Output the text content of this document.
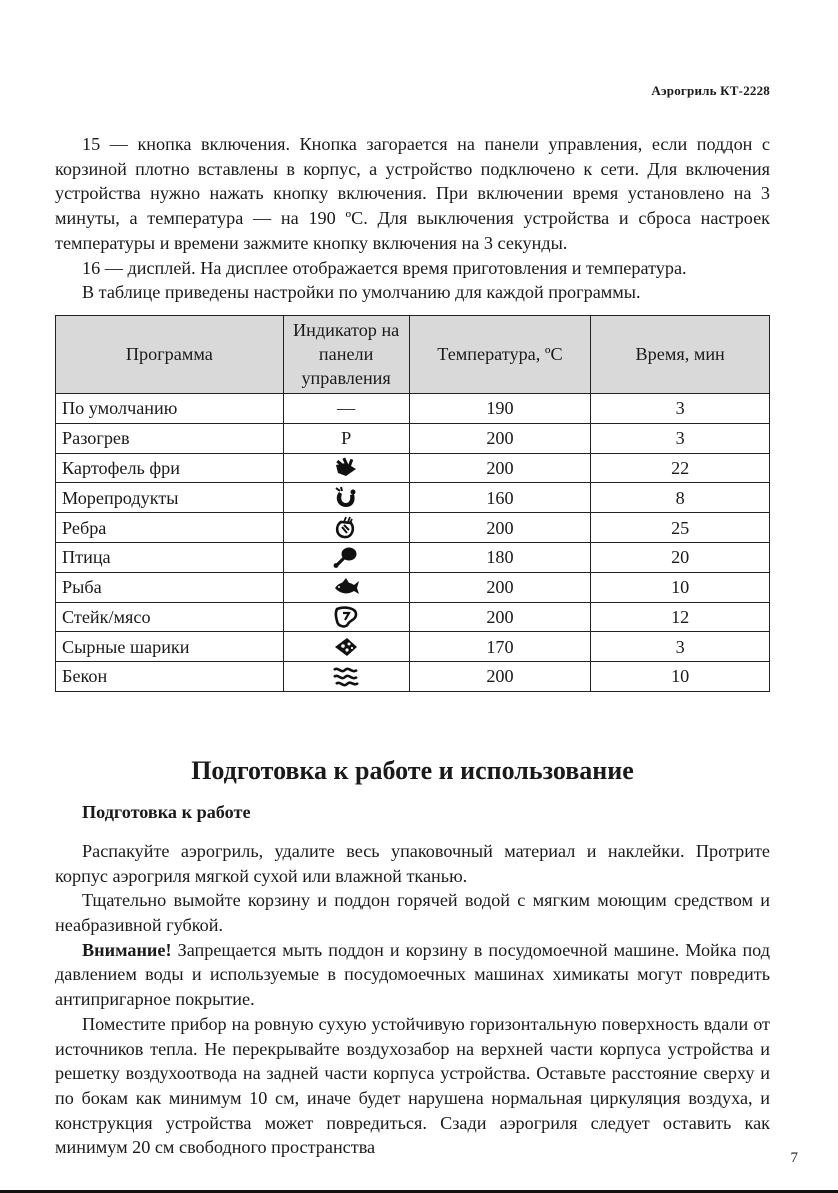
Аэрогриль КТ-2228

15 — кнопка включения. Кнопка загорается на панели управления, если поддон с корзиной плотно вставлены в корпус, а устройство подключено к сети. Для включения устройства нужно нажать кнопку включения. При включении время установлено на 3 минуты, а температура — на 190 ºС. Для выключения устройства и сброса настроек температуры и времени зажмите кнопку включения на 3 секунды.

16 — дисплей. На дисплее отображается время приготовления и температура.

В таблице приведены настройки по умолчанию для каждой программы.

Программа	Индикатор на панели управления	Температура, ºС	Время, мин
По умолчанию	—	190	3
Разогрев	Р	200	3
Картофель фри		200	22
Морепродукты		160	8
Ребра		200	25
Птица		180	20
Рыба		200	10
Стейк/мясо		200	12
Сырные шарики		170	3
Бекон		200	10
Подготовка к работе и использование
Подготовка к работе

Распакуйте аэрогриль, удалите весь упаковочный материал и наклейки. Протрите корпус аэрогриля мягкой сухой или влажной тканью.

Тщательно вымойте корзину и поддон горячей водой с мягким моющим средством и неабразивной губкой.

Внимание! Запрещается мыть поддон и корзину в посудомоечной машине. Мойка под давлением воды и используемые в посудомоечных машинах химикаты могут повредить антипригарное покрытие.

Поместите прибор на ровную сухую устойчивую горизонтальную поверхность вдали от источников тепла. Не перекрывайте воздухозабор на верхней части корпуса устройства и решетку воздухоотвода на задней части корпуса устройства. Оставьте расстояние сверху и по бокам как минимум 10 см, иначе будет нарушена нормальная циркуляция воздуха, и конструкция устройства может повредиться. Сзади аэрогриля следует оставить как минимум 20 см свободного пространства

7
